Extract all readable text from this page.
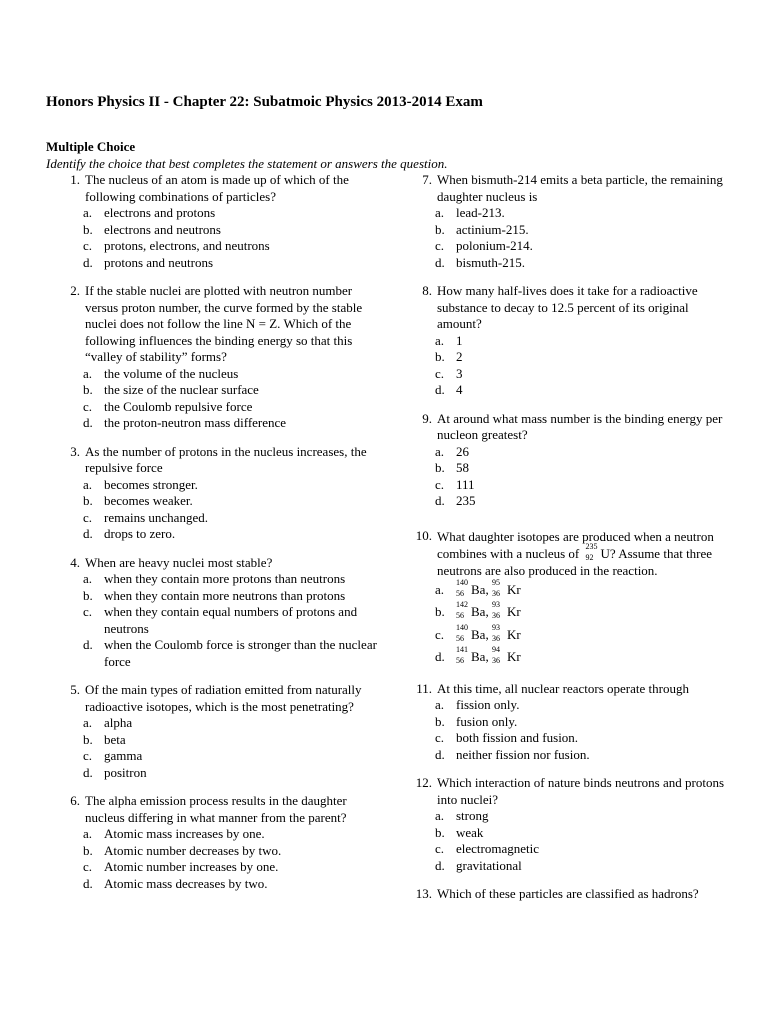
Honors Physics II - Chapter 22: Subatmoic Physics 2013-2014 Exam
Multiple Choice
Identify the choice that best completes the statement or answers the question.
1. The nucleus of an atom is made up of which of the following combinations of particles?
a. electrons and protons
b. electrons and neutrons
c. protons, electrons, and neutrons
d. protons and neutrons
2. If the stable nuclei are plotted with neutron number versus proton number, the curve formed by the stable nuclei does not follow the line N = Z. Which of the following influences the binding energy so that this “valley of stability” forms?
a. the volume of the nucleus
b. the size of the nuclear surface
c. the Coulomb repulsive force
d. the proton-neutron mass difference
3. As the number of protons in the nucleus increases, the repulsive force
a. becomes stronger.
b. becomes weaker.
c. remains unchanged.
d. drops to zero.
4. When are heavy nuclei most stable?
a. when they contain more protons than neutrons
b. when they contain more neutrons than protons
c. when they contain equal numbers of protons and neutrons
d. when the Coulomb force is stronger than the nuclear force
5. Of the main types of radiation emitted from naturally radioactive isotopes, which is the most penetrating?
a. alpha
b. beta
c. gamma
d. positron
6. The alpha emission process results in the daughter nucleus differing in what manner from the parent?
a. Atomic mass increases by one.
b. Atomic number decreases by two.
c. Atomic number increases by one.
d. Atomic mass decreases by two.
7. When bismuth-214 emits a beta particle, the remaining daughter nucleus is
a. lead-213.
b. actinium-215.
c. polonium-214.
d. bismuth-215.
8. How many half-lives does it take for a radioactive substance to decay to 12.5 percent of its original amount?
a. 1
b. 2
c. 3
d. 4
9. At around what mass number is the binding energy per nucleon greatest?
a. 26
b. 58
c. 111
d. 235
10. What daughter isotopes are produced when a neutron combines with a nucleus of 235
92 U? Assume that three neutrons are also produced in the reaction.
a.	140
56 Ba, 95
36 Kr
b.	142
56 Ba, 93
36 Kr
c.	140
56 Ba, 93
36 Kr
d.	141
56 Ba, 94
36 Kr
11. At this time, all nuclear reactors operate through
a. fission only.
b. fusion only.
c. both fission and fusion.
d. neither fission nor fusion.
12. Which interaction of nature binds neutrons and protons into nuclei?
a. strong
b. weak
c. electromagnetic
d. gravitational
13. Which of these particles are classified as hadrons?
